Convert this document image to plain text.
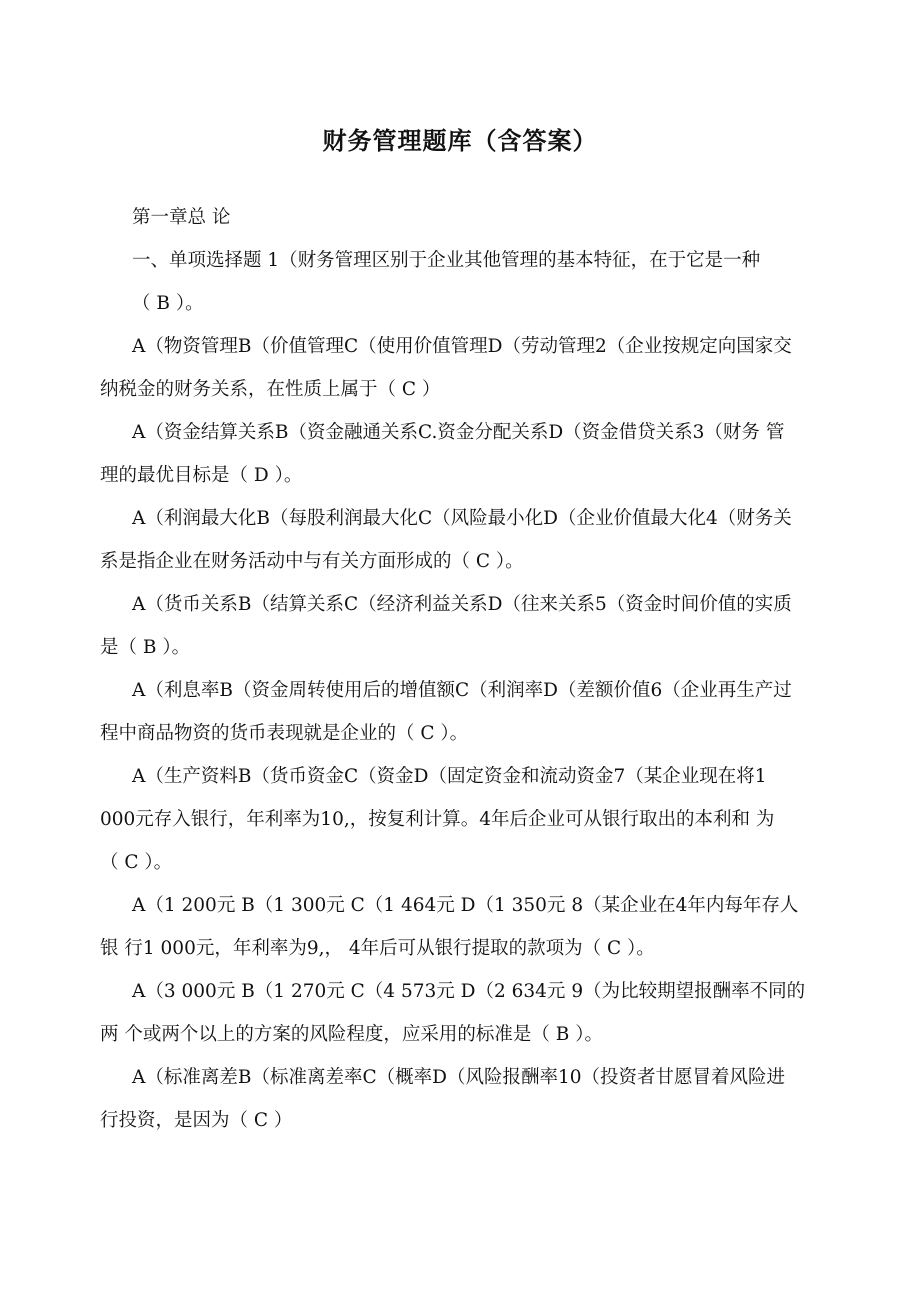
财务管理题库（含答案）
第一章总 论
一、单项选择题 1（财务管理区别于企业其他管理的基本特征，在于它是一种
（ B ）。
A（物资管理B（价值管理C（使用价值管理D（劳动管理2（企业按规定向国家交
纳税金的财务关系，在性质上属于（ C ）
A（资金结算关系B（资金融通关系C.资金分配关系D（资金借贷关系3（财务 管
理的最优目标是（ D ）。
A（利润最大化B（每股利润最大化C（风险最小化D（企业价值最大化4（财务关
系是指企业在财务活动中与有关方面形成的（ C ）。
A（货币关系B（结算关系C（经济利益关系D（往来关系5（资金时间价值的实质
是（ B ）。
A（利息率B（资金周转使用后的增值额C（利润率D（差额价值6（企业再生产过
程中商品物资的货币表现就是企业的（ C ）。
A（生产资料B（货币资金C（资金D（固定资金和流动资金7（某企业现在将1
000元存入银行，年利率为10,，按复利计算。4年后企业可从银行取出的本利和 为
（ C ）。
A（1 200元 B（1 300元 C（1 464元 D（1 350元 8（某企业在4年内每年存人
银 行1 000元，年利率为9,， 4年后可从银行提取的款项为（ C ）。
A（3 000元 B（1 270元 C（4 573元 D（2 634元 9（为比较期望报酬率不同的
两 个或两个以上的方案的风险程度，应采用的标准是（ B ）。
A（标准离差B（标准离差率C（概率D（风险报酬率10（投资者甘愿冒着风险进
行投资，是因为（ C ）
